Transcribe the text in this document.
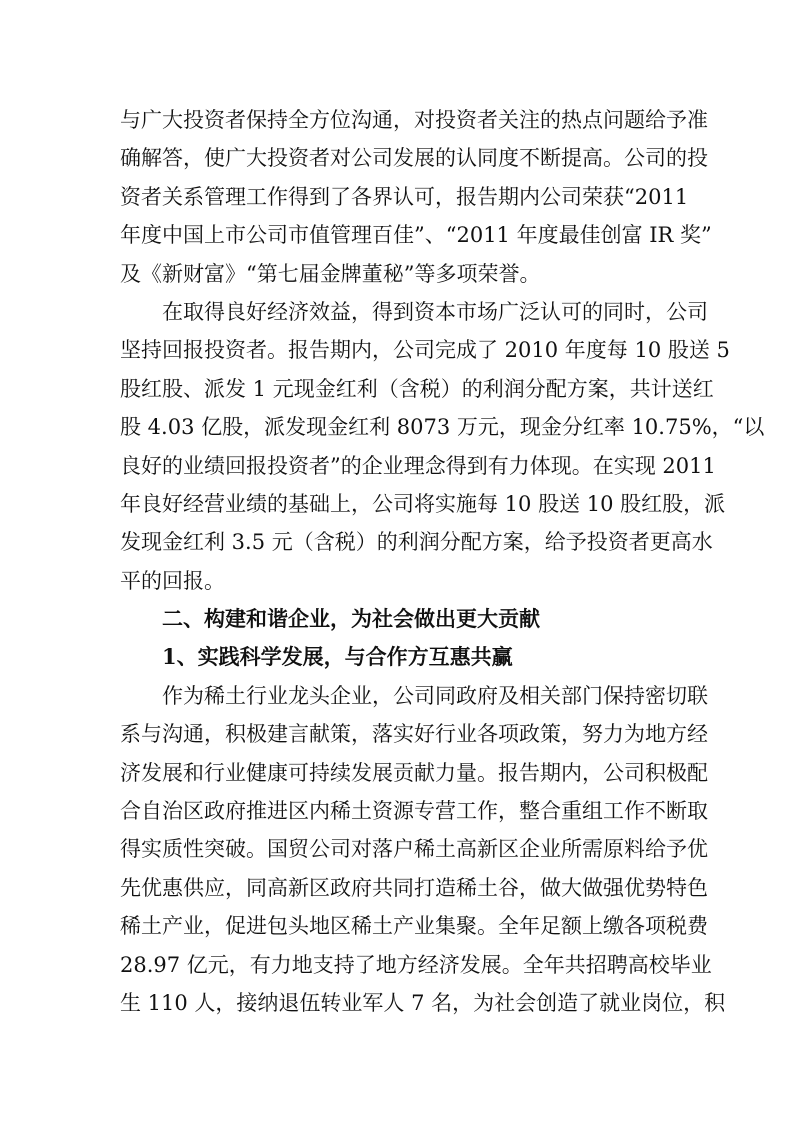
与广大投资者保持全方位沟通，对投资者关注的热点问题给予准
确解答，使广大投资者对公司发展的认同度不断提高。公司的投
资者关系管理工作得到了各界认可，报告期内公司荣获“2011
年度中国上市公司市值管理百佳”、“2011 年度最佳创富 IR 奖”
及《新财富》“第七届金牌董秘”等多项荣誉。
在取得良好经济效益，得到资本市场广泛认可的同时，公司
坚持回报投资者。报告期内，公司完成了 2010 年度每 10 股送 5
股红股、派发 1 元现金红利（含税）的利润分配方案，共计送红
股 4.03 亿股，派发现金红利 8073 万元，现金分红率 10.75%，“以
良好的业绩回报投资者”的企业理念得到有力体现。在实现 2011
年良好经营业绩的基础上，公司将实施每 10 股送 10 股红股，派
发现金红利 3.5 元（含税）的利润分配方案，给予投资者更高水
平的回报。
二、构建和谐企业，为社会做出更大贡献
1、实践科学发展，与合作方互惠共赢
作为稀土行业龙头企业，公司同政府及相关部门保持密切联
系与沟通，积极建言献策，落实好行业各项政策，努力为地方经
济发展和行业健康可持续发展贡献力量。报告期内，公司积极配
合自治区政府推进区内稀土资源专营工作，整合重组工作不断取
得实质性突破。国贸公司对落户稀土高新区企业所需原料给予优
先优惠供应，同高新区政府共同打造稀土谷，做大做强优势特色
稀土产业，促进包头地区稀土产业集聚。全年足额上缴各项税费
28.97 亿元，有力地支持了地方经济发展。全年共招聘高校毕业
生 110 人，接纳退伍转业军人 7 名，为社会创造了就业岗位，积
